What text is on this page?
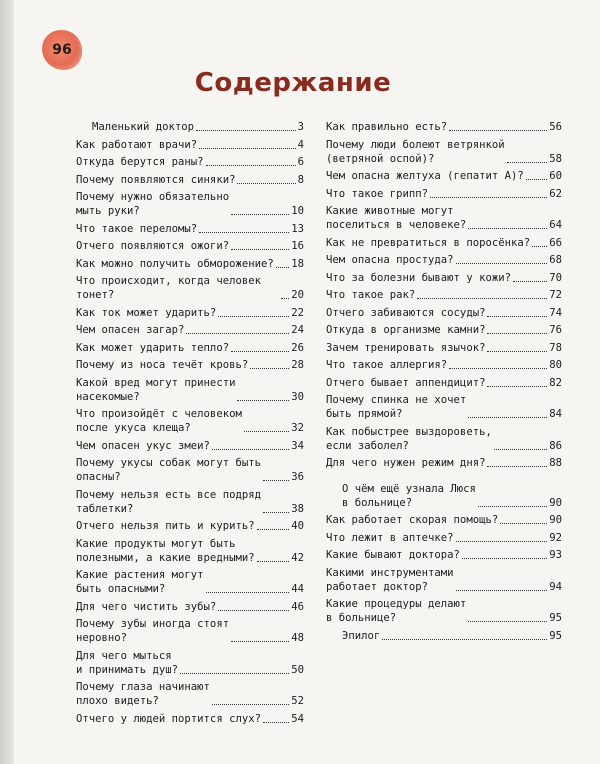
96
Содержание
Маленький доктор	3
Как работают врачи?	4
Откуда берутся раны?	6
Почему появляются синяки?	8
Почему нужно обязательно
мыть руки?	10
Что такое переломы?	13
Отчего появляются ожоги?	16
Как можно получить обморожение? 18
Что происходит, когда человек тонет?	20
Как ток может ударить?	22
Чем опасен загар?	24
Как может ударить тепло?	26
Почему из носа течёт кровь?	28
Какой вред могут принести
насекомые?	30
Что произойдёт с человеком
после укуса клеща?	32
Чем опасен укус змеи?	34
Почему укусы собак могут быть
опасны?	36
Почему нельзя есть все подряд
таблетки?	38
Отчего нельзя пить и курить?	40
Какие продукты могут быть
полезными, а какие вредными?	42
Какие растения могут
быть опасными?	44
Для чего чистить зубы?	46
Почему зубы иногда стоят
неровно?	48
Для чего мыться
и принимать душ?	50
Почему глаза начинают
плохо видеть?	52
Отчего у людей портится слух?	54
Как правильно есть?	56
Почему люди болеют ветрянкой
(ветряной оспой)?	58
Чем опасна желтуха (гепатит А)? 60
Что такое грипп?	62
Какие животные могут
поселиться в человеке?	64
Как не превратиться в поросёнка? 66
Чем опасна простуда?	68
Что за болезни бывают у кожи?	70
Что такое рак?	72
Отчего забиваются сосуды?	74
Откуда в организме камни?	76
Зачем тренировать язычок?	78
Что такое аллергия?	80
Отчего бывает аппендицит?	82
Почему спинка не хочет
быть прямой?	84
Как побыстрее выздороветь,
если заболел?	86
Для чего нужен режим дня?	88
О чём ещё узнала Люся
в больнице?	90
Как работает скорая помощь?	90
Что лежит в аптечке?	92
Какие бывают доктора?	93
Какими инструментами
работает доктор?	94
Какие процедуры делают
в больнице?	95
Эпилог	95
